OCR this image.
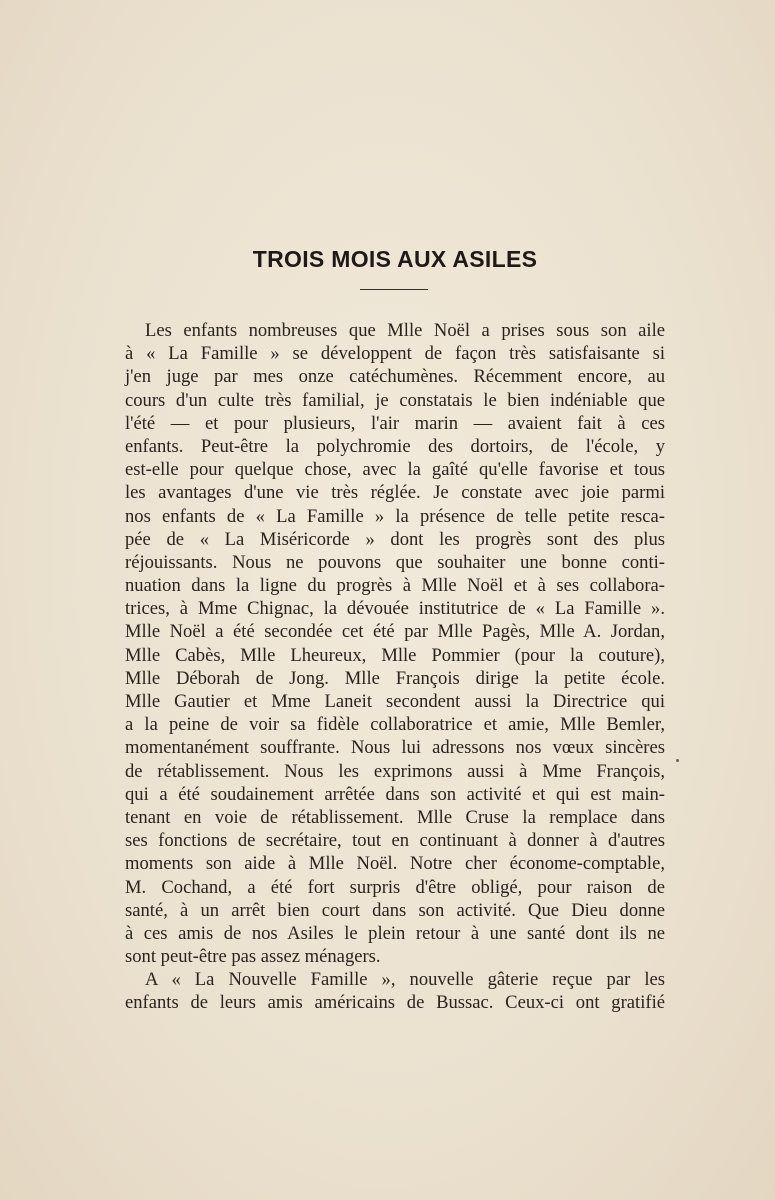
TROIS MOIS AUX ASILES
Les enfants nombreuses que Mlle Noël a prises sous son aile
à « La Famille » se développent de façon très satisfaisante si
j'en juge par mes onze catéchumènes. Récemment encore, au
cours d'un culte très familial, je constatais le bien indéniable que
l'été — et pour plusieurs, l'air marin — avaient fait à ces
enfants. Peut-être la polychromie des dortoirs, de l'école, y
est-elle pour quelque chose, avec la gaîté qu'elle favorise et tous
les avantages d'une vie très réglée. Je constate avec joie parmi
nos enfants de « La Famille » la présence de telle petite resca-
pée de « La Miséricorde » dont les progrès sont des plus
réjouissants. Nous ne pouvons que souhaiter une bonne conti-
nuation dans la ligne du progrès à Mlle Noël et à ses collabora-
trices, à Mme Chignac, la dévouée institutrice de « La Famille ».
Mlle Noël a été secondée cet été par Mlle Pagès, Mlle A. Jordan,
Mlle Cabès, Mlle Lheureux, Mlle Pommier (pour la couture),
Mlle Déborah de Jong. Mlle François dirige la petite école.
Mlle Gautier et Mme Laneit secondent aussi la Directrice qui
a la peine de voir sa fidèle collaboratrice et amie, Mlle Bemler,
momentanément souffrante. Nous lui adressons nos vœux sincères
de rétablissement. Nous les exprimons aussi à Mme François,
qui a été soudainement arrêtée dans son activité et qui est main-
tenant en voie de rétablissement. Mlle Cruse la remplace dans
ses fonctions de secrétaire, tout en continuant à donner à d'autres
moments son aide à Mlle Noël. Notre cher économe-comptable,
M. Cochand, a été fort surpris d'être obligé, pour raison de
santé, à un arrêt bien court dans son activité. Que Dieu donne
à ces amis de nos Asiles le plein retour à une santé dont ils ne
sont peut-être pas assez ménagers.
A « La Nouvelle Famille », nouvelle gâterie reçue par les
enfants de leurs amis américains de Bussac. Ceux-ci ont gratifié
